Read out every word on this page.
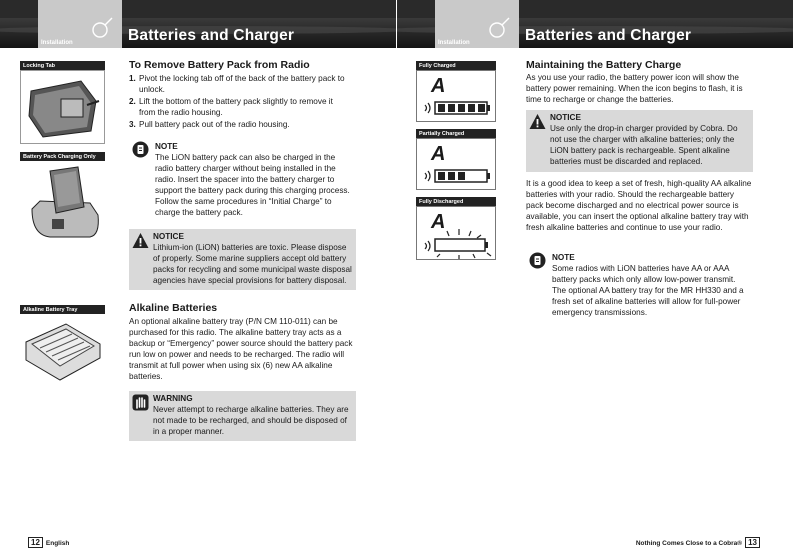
Installation	Batteries and Charger
Locking Tab
Battery Pack Charging Only
Alkaline Battery Tray
To Remove Battery Pack from Radio
1. Pivot the locking tab off of the back of the battery pack to unlock.
2. Lift the bottom of the battery pack slightly to remove it from the radio housing.
3. Pull battery pack out of the radio housing.
NOTE
The LiON battery pack can also be charged in the radio battery charger without being installed in the radio. Insert the spacer into the battery charger to support the battery pack during this charging process. Follow the same procedures in “Initial Charge” to charge the battery pack.
NOTICE
Lithium-ion (LiON) batteries are toxic. Please dispose of properly. Some marine suppliers accept old battery packs for recycling and some municipal waste disposal agencies have special provisions for battery disposal.
Alkaline Batteries
An optional alkaline battery tray (P/N CM 110-011) can be purchased for this radio. The alkaline battery tray acts as a backup or “Emergency” power source should the battery pack run low on power and needs to be recharged. The radio will transmit at full power when using six (6) new AA alkaline batteries.
WARNING
Never attempt to recharge alkaline batteries. They are not made to be recharged, and should be disposed of in a proper manner.
12 English
Installation	Batteries and Charger
Fully Charged
A
Partially Charged
A
Fully Discharged
A
Maintaining the Battery Charge
As you use your radio, the battery power icon will show the battery power remaining. When the icon begins to flash, it is time to recharge or change the batteries.
NOTICE
Use only the drop-in charger provided by Cobra. Do not use the charger with alkaline batteries; only the LiON battery pack is rechargeable. Spent alkaline batteries must be discarded and replaced.
It is a good idea to keep a set of fresh, high-quality AA alkaline batteries with your radio. Should the rechargeable battery pack become discharged and no electrical power source is available, you can insert the optional alkaline battery tray with fresh alkaline batteries and continue to use your radio.
NOTE
Some radios with LiON batteries have AA or AAA battery packs which only allow low-power transmit. The optional AA battery tray for the MR HH330 and a fresh set of alkaline batteries will allow for full-power emergency transmissions.
Nothing Comes Close to a Cobra® 13
